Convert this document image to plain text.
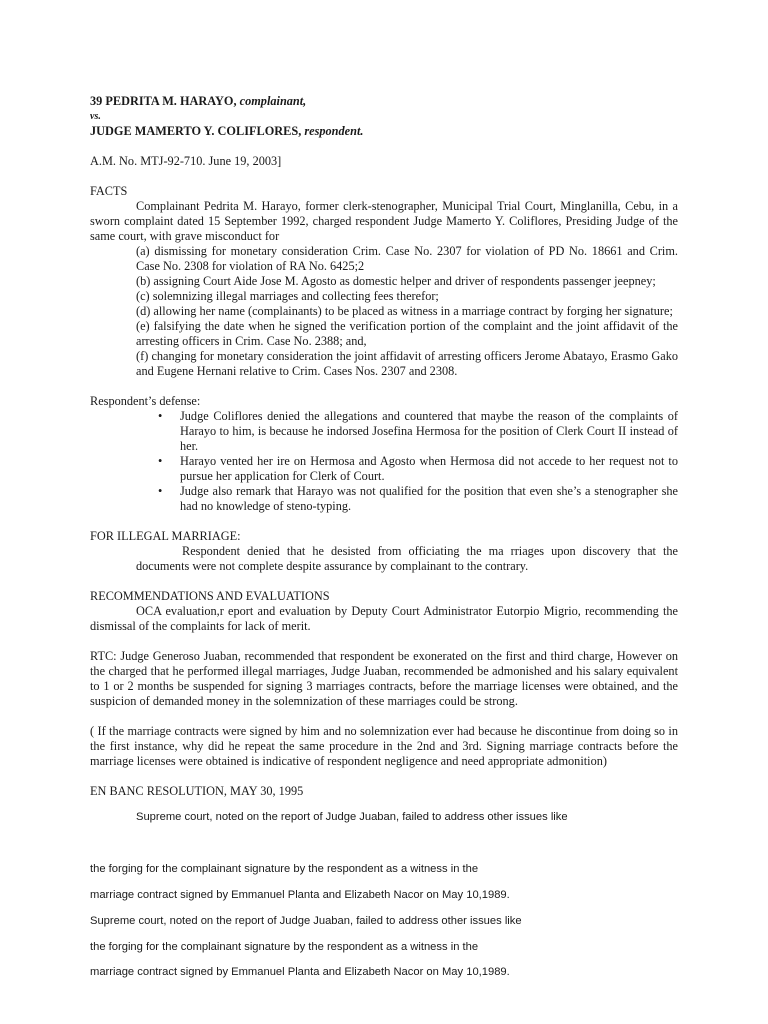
39 PEDRITA M. HARAYO, complainant,

vs.

JUDGE MAMERTO Y. COLIFLORES, respondent.

A.M. No. MTJ-92-710. June 19, 2003]

FACTS

Complainant Pedrita M. Harayo, former clerk-stenographer, Municipal Trial Court, Minglanilla, Cebu, in a sworn complaint dated 15 September 1992, charged respondent Judge Mamerto Y. Coliflores, Presiding Judge of the same court, with grave misconduct for

(a) dismissing for monetary consideration Crim. Case No. 2307 for violation of PD No. 18661 and Crim. Case No. 2308 for violation of RA No. 6425;2

(b) assigning Court Aide Jose M. Agosto as domestic helper and driver of respondents passenger jeepney;

(c) solemnizing illegal marriages and collecting fees therefor;

(d) allowing her name (complainants) to be placed as witness in a marriage contract by forging her signature;

(e) falsifying the date when he signed the verification portion of the complaint and the joint affidavit of the arresting officers in Crim. Case No. 2388; and,

(f) changing for monetary consideration the joint affidavit of arresting officers Jerome Abatayo, Erasmo Gako and Eugene Hernani relative to Crim. Cases Nos. 2307 and 2308.

Respondent’s defense:

• Judge Coliflores denied the allegations and countered that maybe the reason of the complaints of Harayo to him, is because he indorsed Josefina Hermosa for the position of Clerk Court II instead of her.
• Harayo vented her ire on Hermosa and Agosto when Hermosa did not accede to her request not to pursue her application for Clerk of Court.
• Judge also remark that Harayo was not qualified for the position that even she’s a stenographer she had no knowledge of steno-typing.

FOR ILLEGAL MARRIAGE:

Respondent denied that he desisted from officiating the ma rriages upon discovery that the documents were not complete despite assurance by complainant to the contrary.

RECOMMENDATIONS AND EVALUATIONS

OCA evaluation,r eport and evaluation by Deputy Court Administrator Eutorpio Migrio, recommending the dismissal of the complaints for lack of merit.

RTC: Judge Generoso Juaban, recommended that respondent be exonerated on the first and third charge, However on the charged that he performed illegal marriages, Judge Juaban, recommended be admonished and his salary equivalent to 1 or 2 months be suspended for signing 3 marriages contracts, before the marriage licenses were obtained, and the suspicion of demanded money in the solemnization of these marriages could be strong.

( If the marriage contracts were signed by him and no solemnization ever had because he discontinue from doing so in the first instance, why did he repeat the same procedure in the 2nd and 3rd. Signing marriage contracts before the marriage licenses were obtained is indicative of respondent negligence and need appropriate admonition)

EN BANC RESOLUTION, MAY 30, 1995

Supreme court, noted on the report of Judge Juaban, failed to address other issues like

the forging for the complainant signature by the respondent as a witness in the

marriage contract signed by Emmanuel Planta and Elizabeth Nacor on May 10,1989.

Supreme court, noted on the report of Judge Juaban, failed to address other issues like

the forging for the complainant signature by the respondent as a witness in the

marriage contract signed by Emmanuel Planta and Elizabeth Nacor on May 10,1989.
